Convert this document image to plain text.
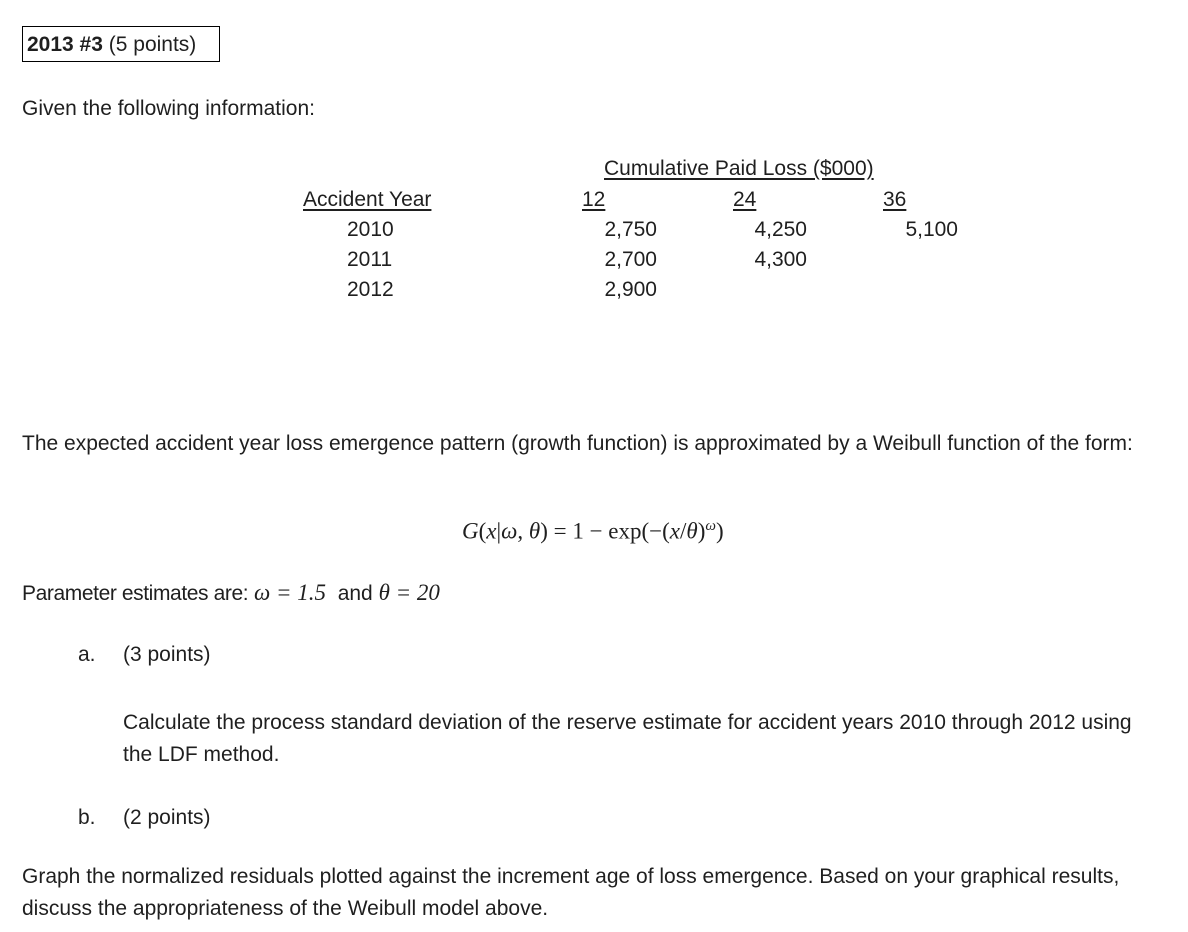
2013 #3 (5 points)
Given the following information:
Cumulative Paid Loss ($000)
Accident Year	12	24	36
2010	2,750	4,250	5,100
2011	2,700	4,300
2012	2,900
The expected accident year loss emergence pattern (growth function) is approximated by a Weibull function of the form:
G(x|ω, $\theta) = 1 - \exp(-(x/\theta)^\omega)$
Parameter estimates are: ω = 1.5 and θ = 20
a. (3 points)
Calculate the process standard deviation of the reserve estimate for accident years 2010 through 2012 using the LDF method.
b. (2 points)
Graph the normalized residuals plotted against the increment age of loss emergence. Based on your graphical results, discuss the appropriateness of the Weibull model above.
